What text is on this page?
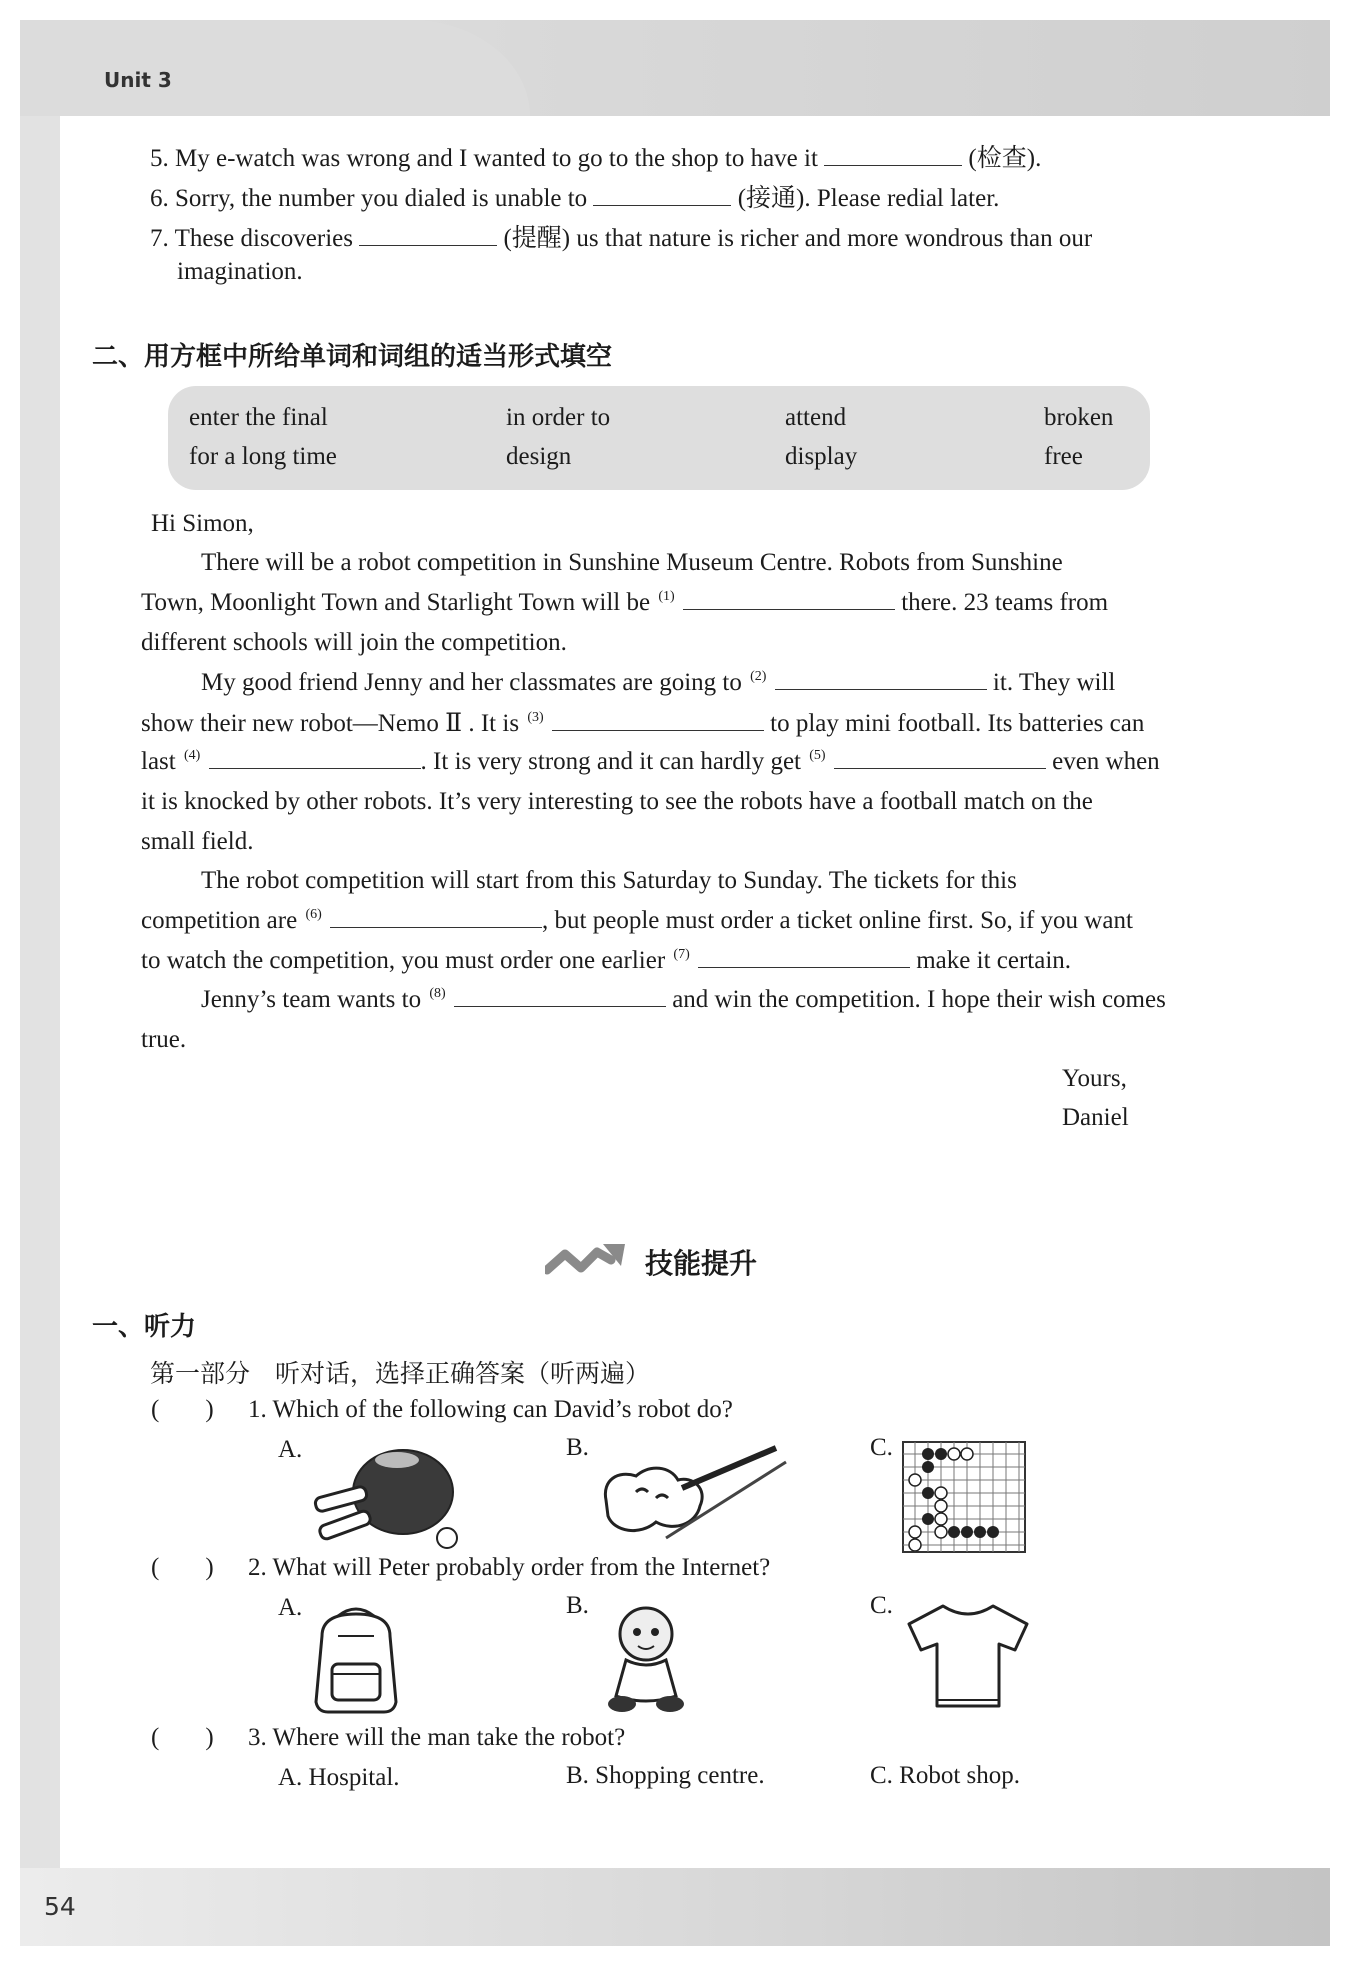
Unit 3
54
5. My e-watch was wrong and I wanted to go to the shop to have it	(检查).
6. Sorry, the number you dialed is unable to	(接通). Please redial later.
7. These discoveries	(提醒) us that nature is richer and more wondrous than our
imagination.
二、用方框中所给单词和词组的适当形式填空
enter the final	in order to	attend	broken
for a long time	design	display	free
Hi Simon,
There will be a robot competition in Sunshine Museum Centre. Robots from Sunshine
Town, Moonlight Town and Starlight Town will be $^{(1)}$	there. 23 teams from
different schools will join the competition.
My good friend Jenny and her classmates are going to $^{(2)}$	it. They will
show their new robot—Nemo Ⅱ . It is $^{(3)}$	to play mini football. Its batteries can
last $^{(4)}$	. It is very strong and it can hardly get $^{(5)}$	even when
it is knocked by other robots. It’s very interesting to see the robots have a football match on the
small field.
The robot competition will start from this Saturday to Sunday. The tickets for this
competition are $^{(6)}$	, but people must order a ticket online first. So, if you want
to watch the competition, you must order one earlier $^{(7)}$	make it certain.
Jenny’s team wants to $^{(8)}$	and win the competition. I hope their wish comes
true.
Yours,
Daniel
技能提升
一、听力
第一部分　听对话，选择正确答案（听两遍）
( ) 1. Which of the following can David’s robot do?
A.	B.	C.
( ) 2. What will Peter probably order from the Internet?
A.	B.	C.
( ) 3. Where will the man take the robot?
A. Hospital.	B. Shopping centre.	C. Robot shop.
